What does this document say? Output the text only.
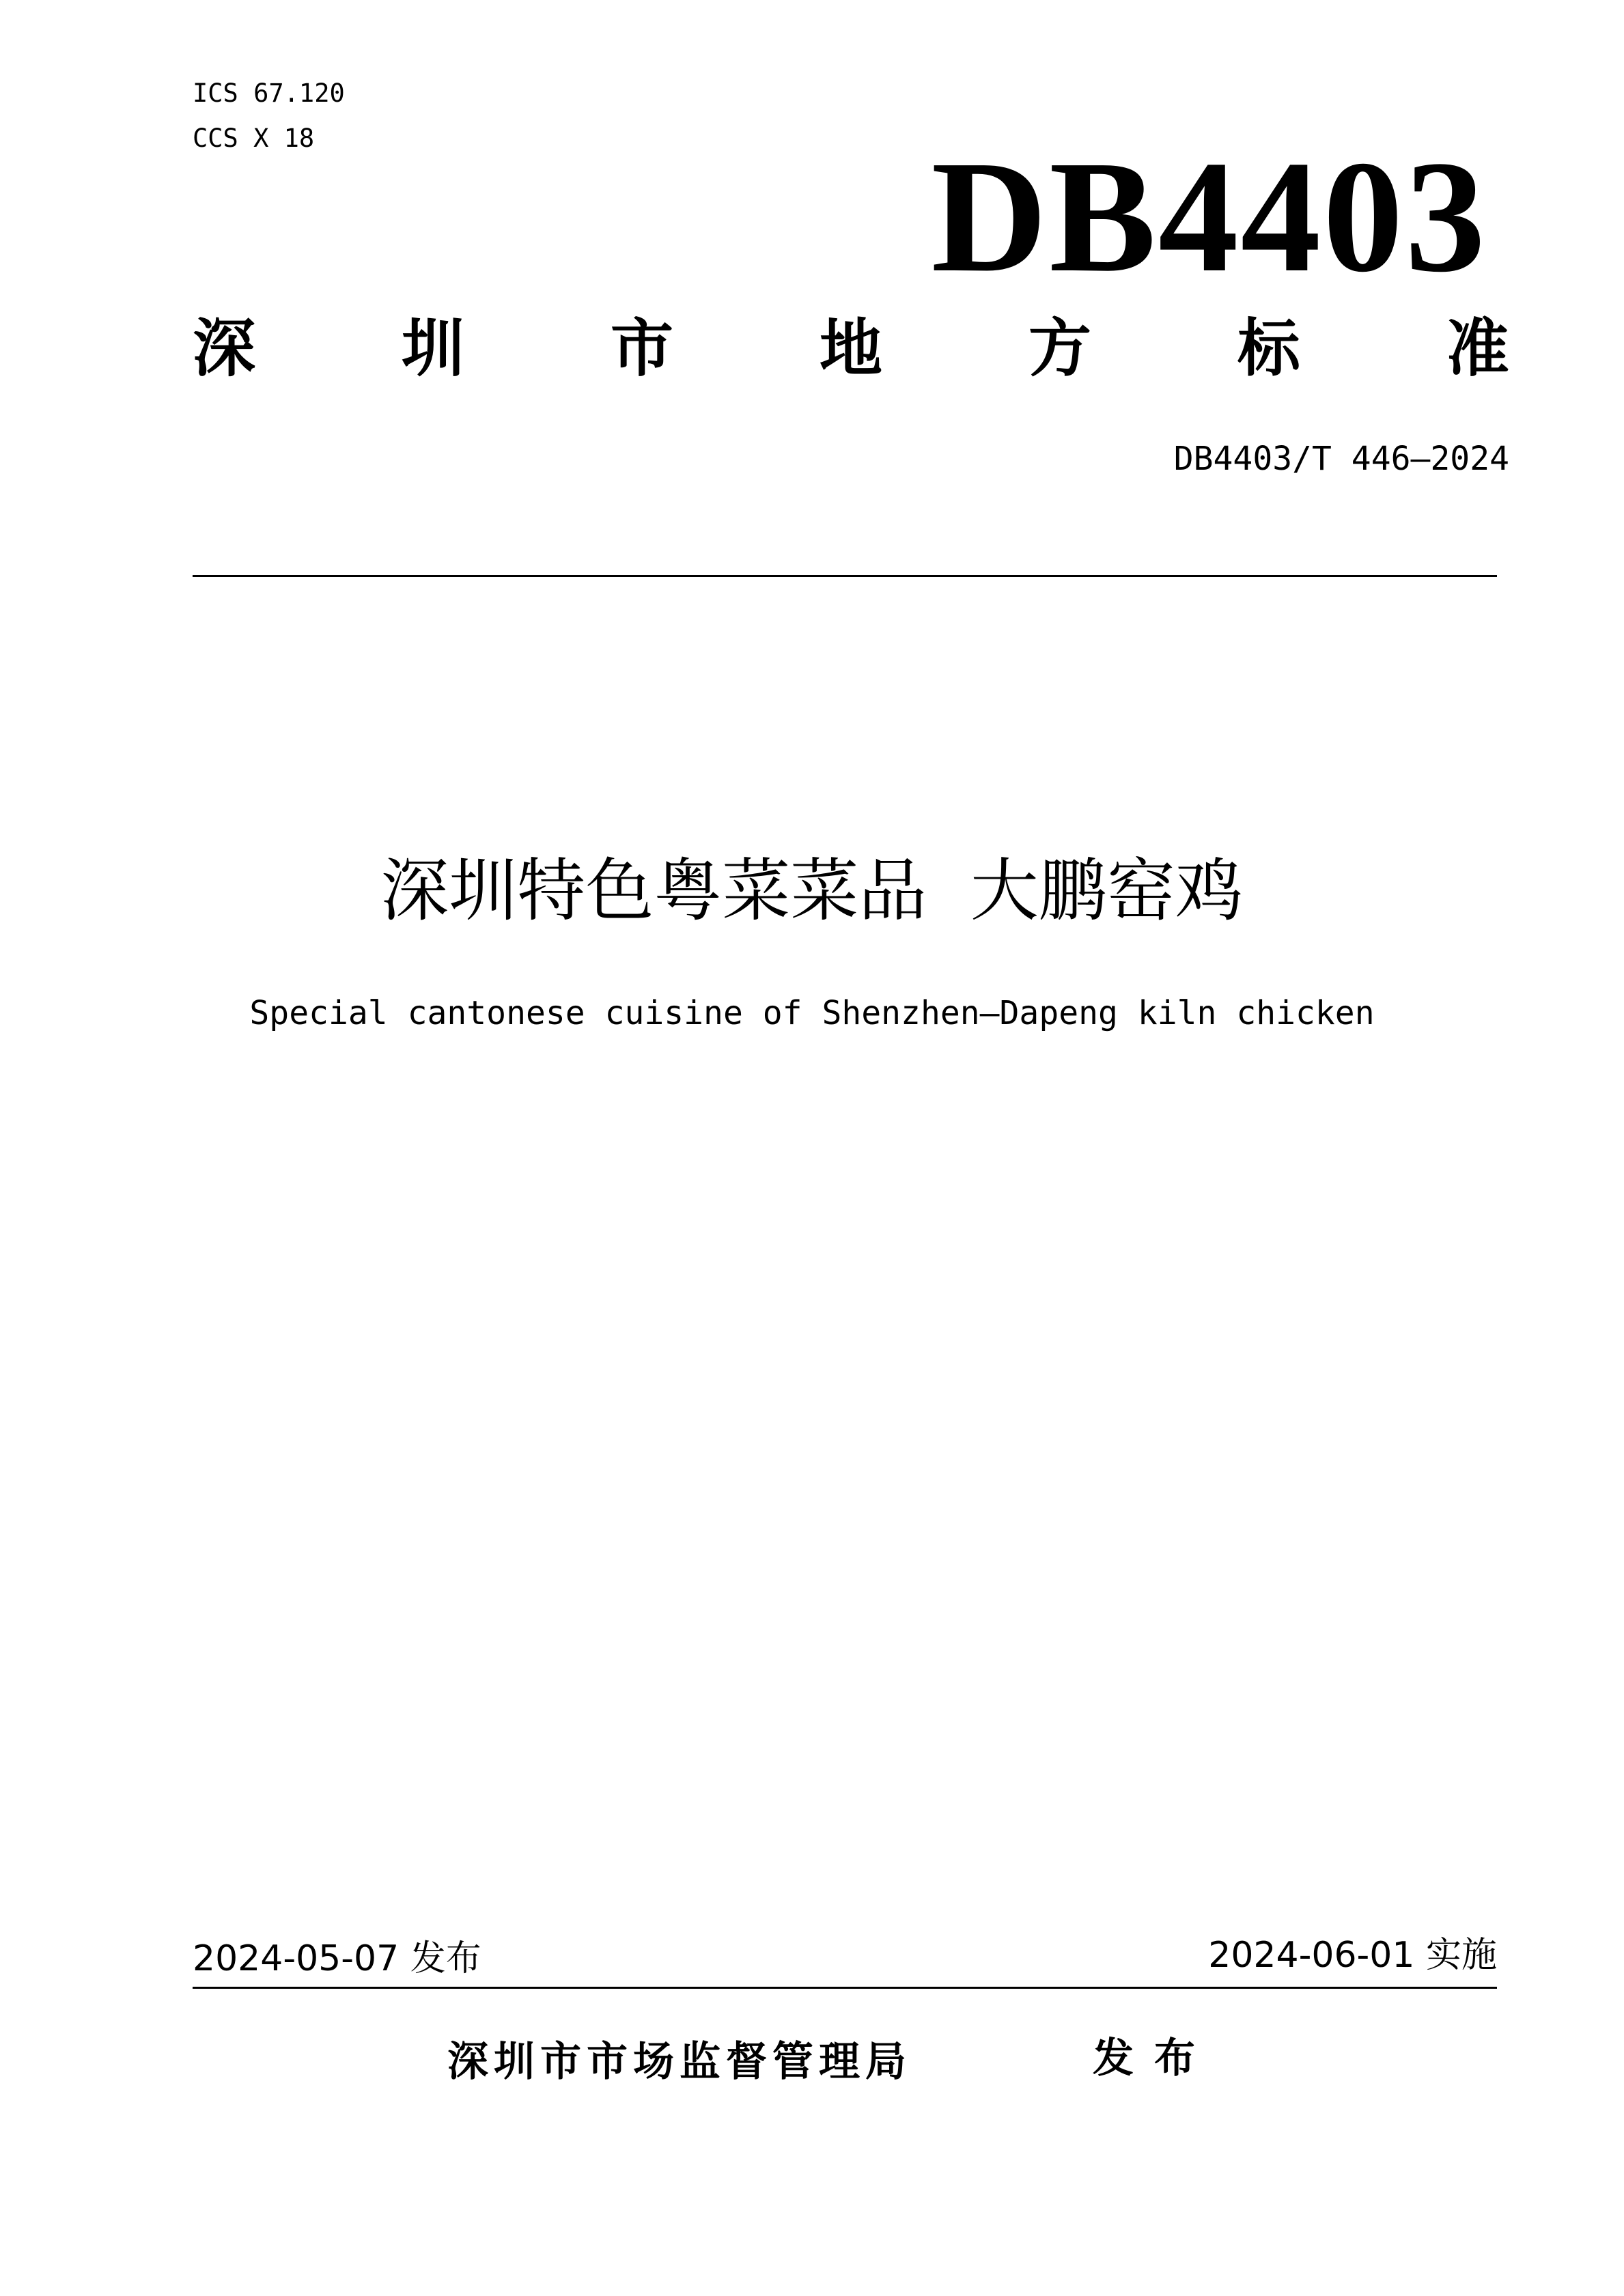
ICS 67.120
CCS X 18	DB4403
深 圳 市 地 方 标 准
DB4403/T 446—2024
深圳特色粤菜菜品  大鹏窑鸡
Special cantonese cuisine of Shenzhen—Dapeng kiln chicken
2024-05-07 发布	2024-06-01 实施
深圳市市场监督管理局	发布
